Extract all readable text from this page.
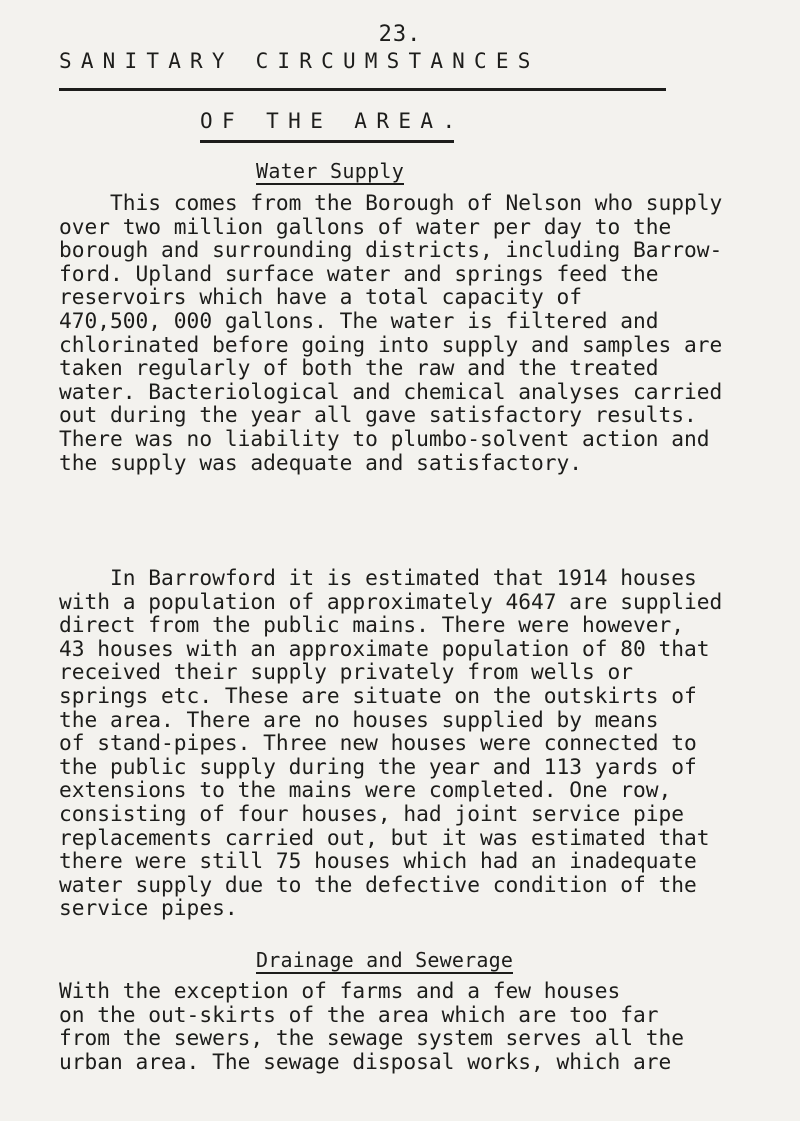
23.
SANITARY CIRCUMSTANCES
OF THE AREA.
Water Supply

This comes from the Borough of Nelson who supply
over two million gallons of water per day to the
borough and surrounding districts, including Barrow-
ford. Upland surface water and springs feed the
reservoirs which have a total capacity of
470,500, 000 gallons. The water is filtered and
chlorinated before going into supply and samples are
taken regularly of both the raw and the treated
water. Bacteriological and chemical analyses carried
out during the year all gave satisfactory results.
There was no liability to plumbo-solvent action and
the supply was adequate and satisfactory.

In Barrowford it is estimated that 1914 houses
with a population of approximately 4647 are supplied
direct from the public mains. There were however,
43 houses with an approximate population of 80 that
received their supply privately from wells or
springs etc. These are situate on the outskirts of
the area. There are no houses supplied by means
of stand-pipes. Three new houses were connected to
the public supply during the year and 113 yards of
extensions to the mains were completed. One row,
consisting of four houses, had joint service pipe
replacements carried out, but it was estimated that
there were still 75 houses which had an inadequate
water supply due to the defective condition of the
service pipes.

Drainage and Sewerage

With the exception of farms and a few houses
on the out-skirts of the area which are too far
from the sewers, the sewage system serves all the
urban area. The sewage disposal works, which are
